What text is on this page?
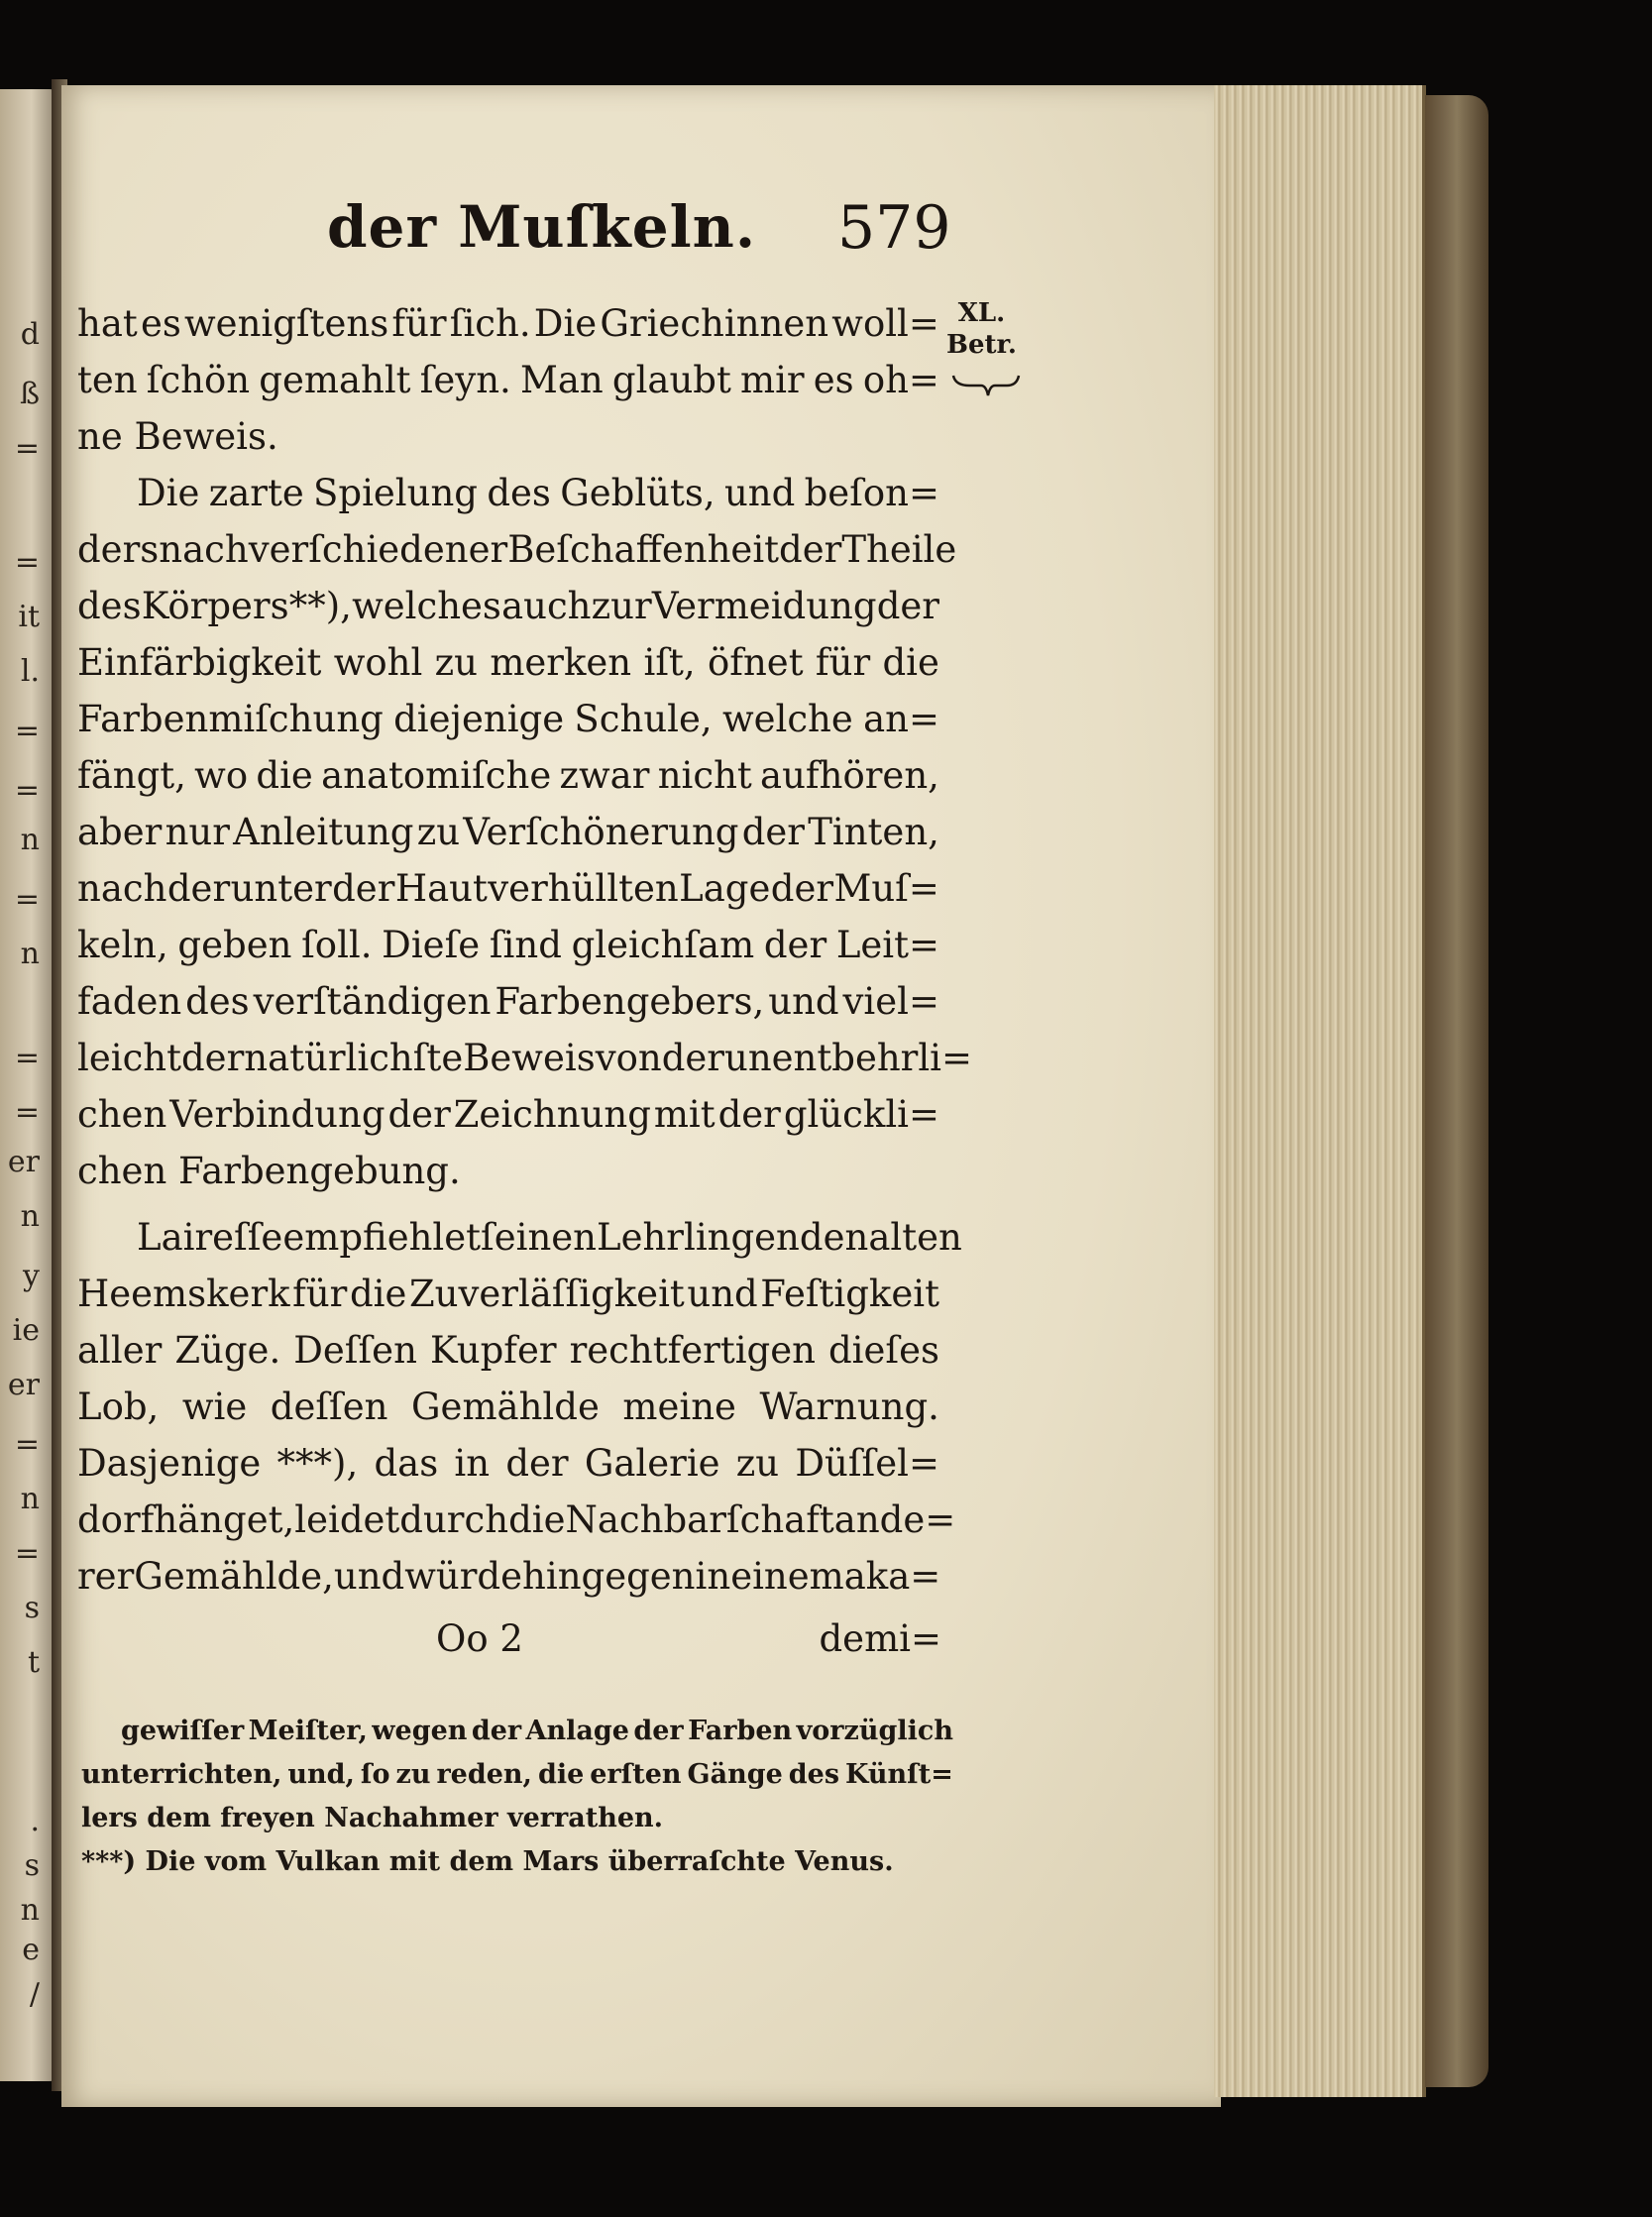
d
ß
=
=
it
l.
=
=
n
=
n
=
=
er
n
y
ie
er
=
n
=
s
t
.
s
n
e
/
der Muſkeln. 579
XL.
Betr.
hat es wenigſtens für ſich. Die Griechinnen woll=
ten ſchön gemahlt ſeyn. Man glaubt mir es oh=
ne Beweis.
Die zarte Spielung des Geblüts, und beſon=
ders nach verſchiedener Beſchaffenheit der Theile
des Körpers **), welches auch zur Vermeidung der
Einfärbigkeit wohl zu merken iſt, öfnet für die
Farbenmiſchung diejenige Schule, welche an=
fängt, wo die anatomiſche zwar nicht aufhören,
aber nur Anleitung zu Verſchönerung der Tinten,
nach der unter der Haut verhüllten Lage der Muſ=
keln, geben ſoll. Dieſe ſind gleichſam der Leit=
faden des verſtändigen Farbengebers, und viel=
leicht der natürlichſte Beweis von der unentbehrli=
chen Verbindung der Zeichnung mit der glückli=
chen Farbengebung.
Laireſſe empfiehlet ſeinen Lehrlingen den alten
Heemskerk für die Zuverläſſigkeit und Feſtigkeit
aller Züge. Deſſen Kupfer rechtfertigen dieſes
Lob, wie deſſen Gemählde meine Warnung.
Dasjenige ***), das in der Galerie zu Düſſel=
dorf hänget, leidet durch die Nachbarſchaft ande=
rer Gemählde, und würde hingegen in einem aka=
Oo 2	demi=
gewiſſer Meiſter, wegen der Anlage der Farben vorzüglich
unterrichten, und, ſo zu reden, die erſten Gänge des Künſt=
lers dem freyen Nachahmer verrathen.
***) Die vom Vulkan mit dem Mars überraſchte Venus.
